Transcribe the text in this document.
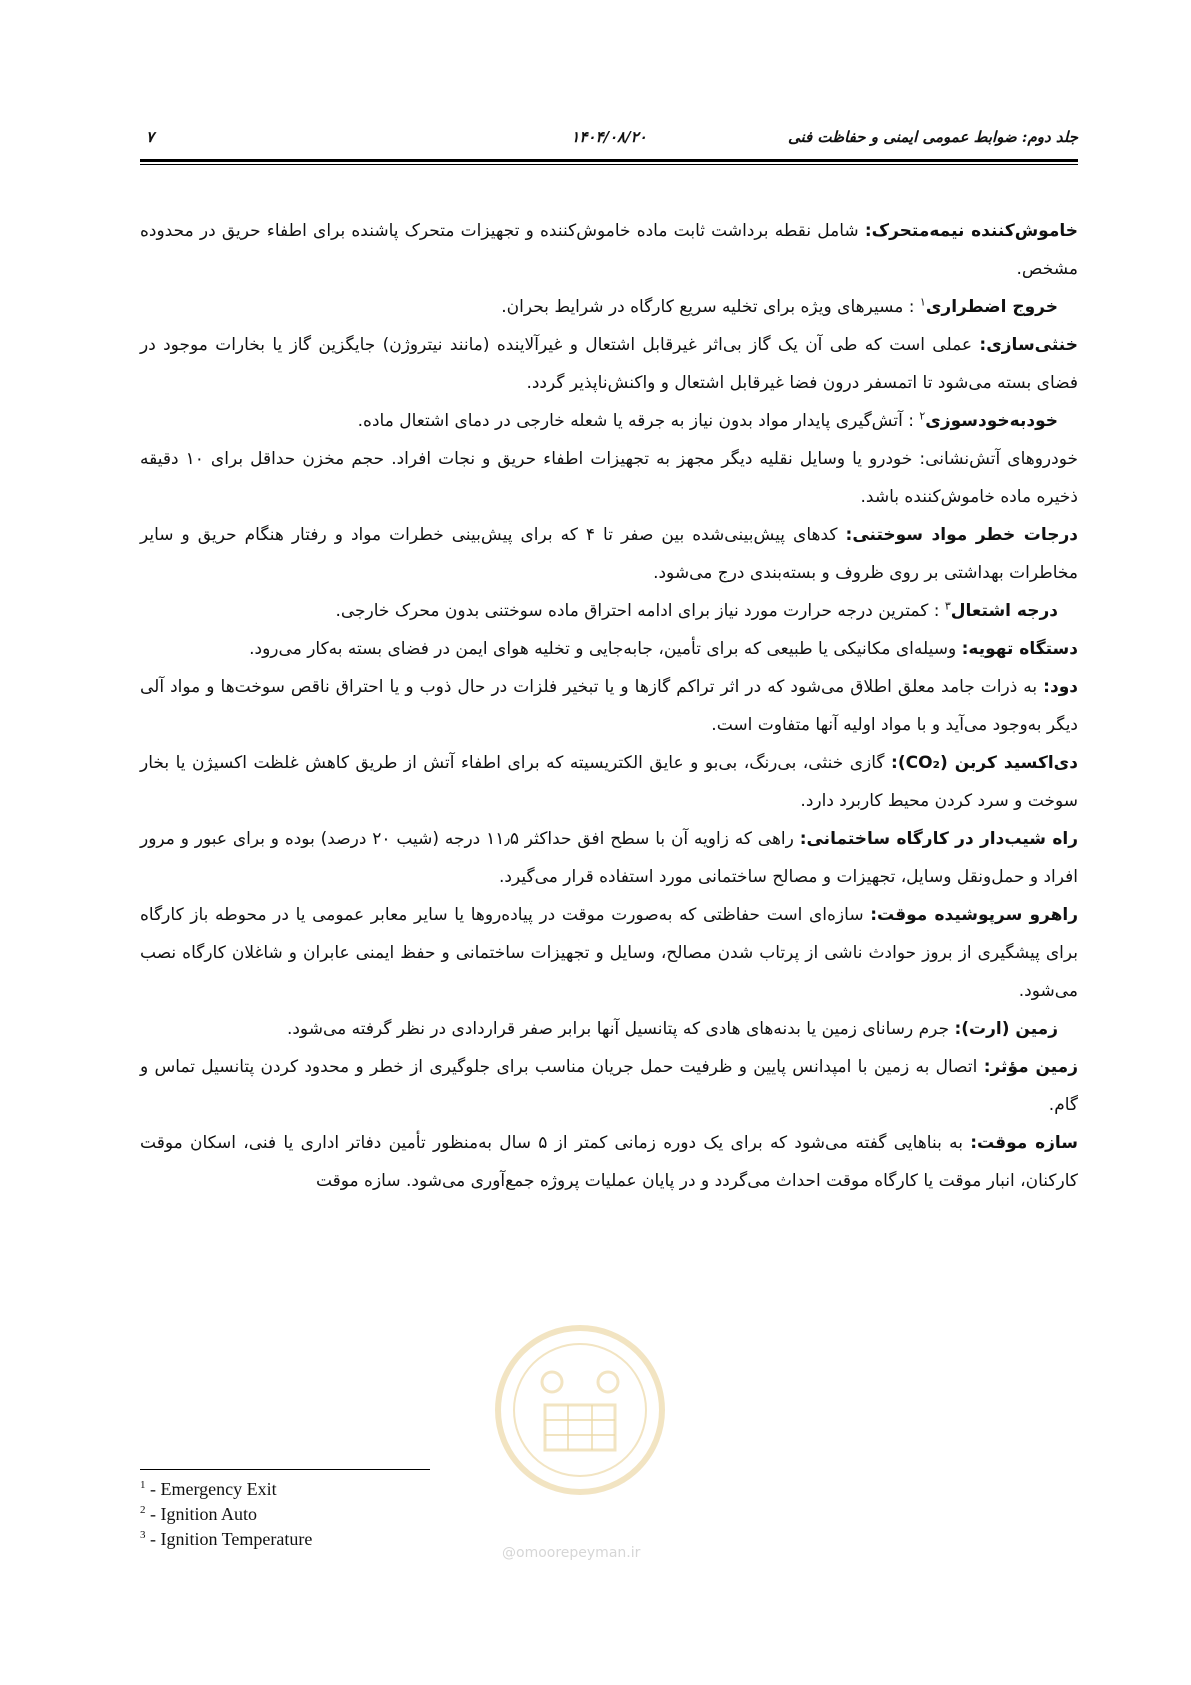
جلد دوم: ضوابط عمومی ایمنی و حفاظت فنی
۱۴۰۴/۰۸/۲۰
۷

خاموش‌کننده نیمه‌متحرک: شامل نقطه برداشت ثابت ماده خاموش‌کننده و تجهیزات متحرک پاشنده برای اطفاء حریق در محدوده مشخص.

خروج اضطراری$^۱$ : مسیرهای ویژه برای تخلیه سریع کارگاه در شرایط بحران.

خنثی‌سازی: عملی است که طی آن یک گاز بی‌اثر غیرقابل اشتعال و غیرآلاینده (مانند نیتروژن) جایگزین گاز یا بخارات موجود در فضای بسته می‌شود تا اتمسفر درون فضا غیرقابل اشتعال و واکنش‌ناپذیر گردد.

خودبه‌خودسوزی$^۲$ : آتش‌گیری پایدار مواد بدون نیاز به جرقه یا شعله خارجی در دمای اشتعال ماده.

خودروهای آتش‌نشانی: خودرو یا وسایل نقلیه دیگر مجهز به تجهیزات اطفاء حریق و نجات افراد. حجم مخزن حداقل برای ۱۰ دقیقه ذخیره ماده خاموش‌کننده باشد.

درجات خطر مواد سوختنی: کدهای پیش‌بینی‌شده بین صفر تا ۴ که برای پیش‌بینی خطرات مواد و رفتار هنگام حریق و سایر مخاطرات بهداشتی بر روی ظروف و بسته‌بندی درج می‌شود.

درجه اشتعال$^۳$ : کمترین درجه حرارت مورد نیاز برای ادامه احتراق ماده سوختنی بدون محرک خارجی.

دستگاه تهویه: وسیله‌ای مکانیکی یا طبیعی که برای تأمین، جابه‌جایی و تخلیه هوای ایمن در فضای بسته به‌کار می‌رود.

دود: به ذرات جامد معلق اطلاق می‌شود که در اثر تراکم گازها و یا تبخیر فلزات در حال ذوب و یا احتراق ناقص سوخت‌ها و مواد آلی دیگر به‌وجود می‌آید و با مواد اولیه آنها متفاوت است.

دی‌اکسید کربن (CO₂): گازی خنثی، بی‌رنگ، بی‌بو و عایق الکتریسیته که برای اطفاء آتش از طریق کاهش غلظت اکسیژن یا بخار سوخت و سرد کردن محیط کاربرد دارد.

راه شیب‌دار در کارگاه ساختمانی: راهی که زاویه آن با سطح افق حداکثر ۱۱٫۵ درجه (شیب ۲۰ درصد) بوده و برای عبور و مرور افراد و حمل‌ونقل وسایل، تجهیزات و مصالح ساختمانی مورد استفاده قرار می‌گیرد.

راهرو سرپوشیده موقت: سازه‌ای است حفاظتی که به‌صورت موقت در پیاده‌روها یا سایر معابر عمومی یا در محوطه باز کارگاه برای پیشگیری از بروز حوادث ناشی از پرتاب شدن مصالح، وسایل و تجهیزات ساختمانی و حفظ ایمنی عابران و شاغلان کارگاه نصب می‌شود.

زمین (ارت): جرم رسانای زمین یا بدنه‌های هادی که پتانسیل آنها برابر صفر قراردادی در نظر گرفته می‌شود.

زمین مؤثر: اتصال به زمین با امپدانس پایین و ظرفیت حمل جریان مناسب برای جلوگیری از خطر و محدود کردن پتانسیل تماس و گام.

سازه موقت: به بناهایی گفته می‌شود که برای یک دوره زمانی کمتر از ۵ سال به‌منظور تأمین دفاتر اداری یا فنی، اسکان موقت کارکنان، انبار موقت یا کارگاه موقت احداث می‌گردد و در پایان عملیات پروژه جمع‌آوری می‌شود. سازه موقت

@omoorepeyman.ir
$^1$ - Emergency Exit
$^2$ - Ignition Auto
$^3$ - Ignition Temperature
